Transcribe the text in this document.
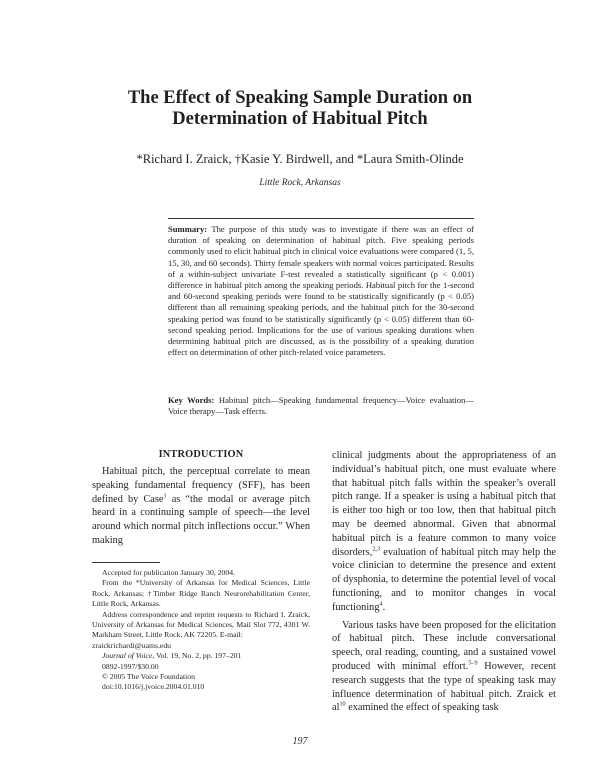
The Effect of Speaking Sample Duration on
Determination of Habitual Pitch
*Richard I. Zraick, †Kasie Y. Birdwell, and *Laura Smith-Olinde
Little Rock, Arkansas

Summary: The purpose of this study was to investigate if there was an effect of duration of speaking on determination of habitual pitch. Five speaking periods commonly used to elicit habitual pitch in clinical voice evaluations were compared (1, 5, 15, 30, and 60 seconds). Thirty female speakers with normal voices participated. Results of a within-subject univariate F-test revealed a statistically significant (p < 0.001) difference in habitual pitch among the speaking periods. Habitual pitch for the 1-second and 60-second speaking periods were found to be statistically significantly (p < 0.05) different than all remaining speaking periods, and the habitual pitch for the 30-second speaking period was found to be statistically significantly (p < 0.05) different than 60-second speaking period. Implications for the use of various speaking durations when determining habitual pitch are discussed, as is the possibility of a speaking duration effect on determination of other pitch-related voice parameters.

Key Words: Habitual pitch—Speaking fundamental frequency—Voice evaluation—Voice therapy—Task effects.

INTRODUCTION

Habitual pitch, the perceptual correlate to mean speaking fundamental frequency (SFF), has been defined by Case$^1$ as “the modal or average pitch heard in a continuing sample of speech—the level around which normal pitch inflections occur.” When making

Accepted for publication January 30, 2004.

From the *University of Arkansas for Medical Sciences, Little Rock, Arkansas; †Timber Ridge Ranch Neurorehabilitation Center, Little Rock, Arkansas.

Address correspondence and reprint requests to Richard I. Zraick, University of Arkansas for Medical Sciences, Mail Slot 772, 4301 W. Markham Street, Little Rock, AK 72205. E-mail:

zraickrichardi@uams.edu

Journal of Voice, Vol. 19, No. 2, pp. 197–201

0892-1997/$30.00

© 2005 The Voice Foundation

doi:10.1016/j.jvoice.2004.01.010

clinical judgments about the appropriateness of an individual’s habitual pitch, one must evaluate where that habitual pitch falls within the speaker’s overall pitch range. If a speaker is using a habitual pitch that is either too high or too low, then that habitual pitch may be deemed abnormal. Given that abnormal habitual pitch is a feature common to many voice disorders,$^{2,3}$ evaluation of habitual pitch may help the voice clinician to determine the presence and extent of dysphonia, to determine the potential level of vocal functioning, and to monitor changes in vocal functioning$^4$.

Various tasks have been proposed for the elicitation of habitual pitch. These include conversational speech, oral reading, counting, and a sustained vowel produced with minimal effort.$^{5-9}$ However, recent research suggests that the type of speaking task may influence determination of habitual pitch. Zraick et $al^{10}$ examined the effect of speaking task

197
